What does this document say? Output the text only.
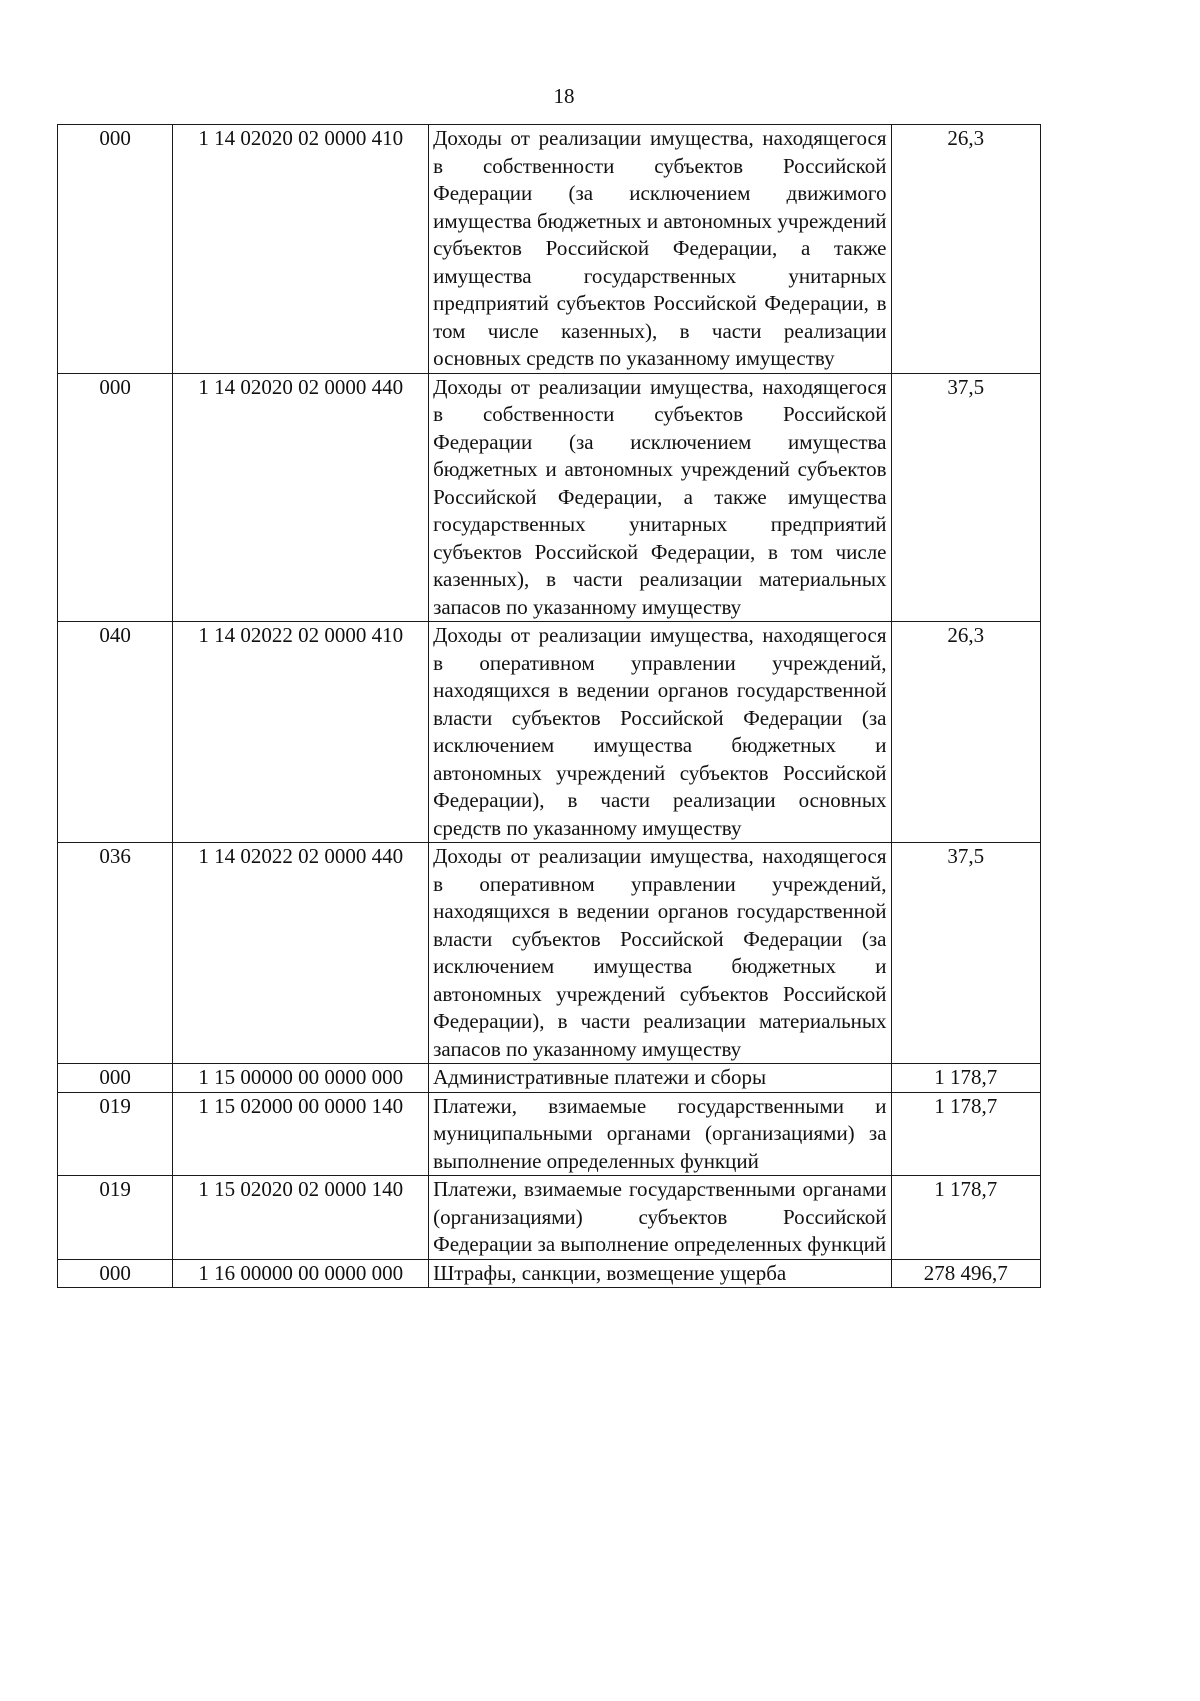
18
000	1 14 02020 02 0000 410	Доходы от реализации имущества, находящегося в собственности субъектов Российской Федерации (за исключением движимого имущества бюджетных и автономных учреждений субъектов Российской Федерации, а также имущества государственных унитарных предприятий субъектов Российской Федерации, в том числе казенных), в части реализации основных средств по указанному имуществу	26,3
000	1 14 02020 02 0000 440	Доходы от реализации имущества, находящегося в собственности субъектов Российской Федерации (за исключением имущества бюджетных и автономных учреждений субъектов Российской Федерации, а также имущества государственных унитарных предприятий субъектов Российской Федерации, в том числе казенных), в части реализации материальных запасов по указанному имуществу	37,5
040	1 14 02022 02 0000 410	Доходы от реализации имущества, находящегося в оперативном управлении учреждений, находящихся в ведении органов государственной власти субъектов Российской Федерации (за исключением имущества бюджетных и автономных учреждений субъектов Российской Федерации), в части реализации основных средств по указанному имуществу	26,3
036	1 14 02022 02 0000 440	Доходы от реализации имущества, находящегося в оперативном управлении учреждений, находящихся в ведении органов государственной власти субъектов Российской Федерации (за исключением имущества бюджетных и автономных учреждений субъектов Российской Федерации), в части реализации материальных запасов по указанному имуществу	37,5
000	1 15 00000 00 0000 000	Административные платежи и сборы	1 178,7
019	1 15 02000 00 0000 140	Платежи, взимаемые государственными и муниципальными органами (организациями) за выполнение определенных функций	1 178,7
019	1 15 02020 02 0000 140	Платежи, взимаемые государственными органами (организациями) субъектов Российской Федерации за выполнение определенных функций	1 178,7
000	1 16 00000 00 0000 000	Штрафы, санкции, возмещение ущерба	278 496,7
